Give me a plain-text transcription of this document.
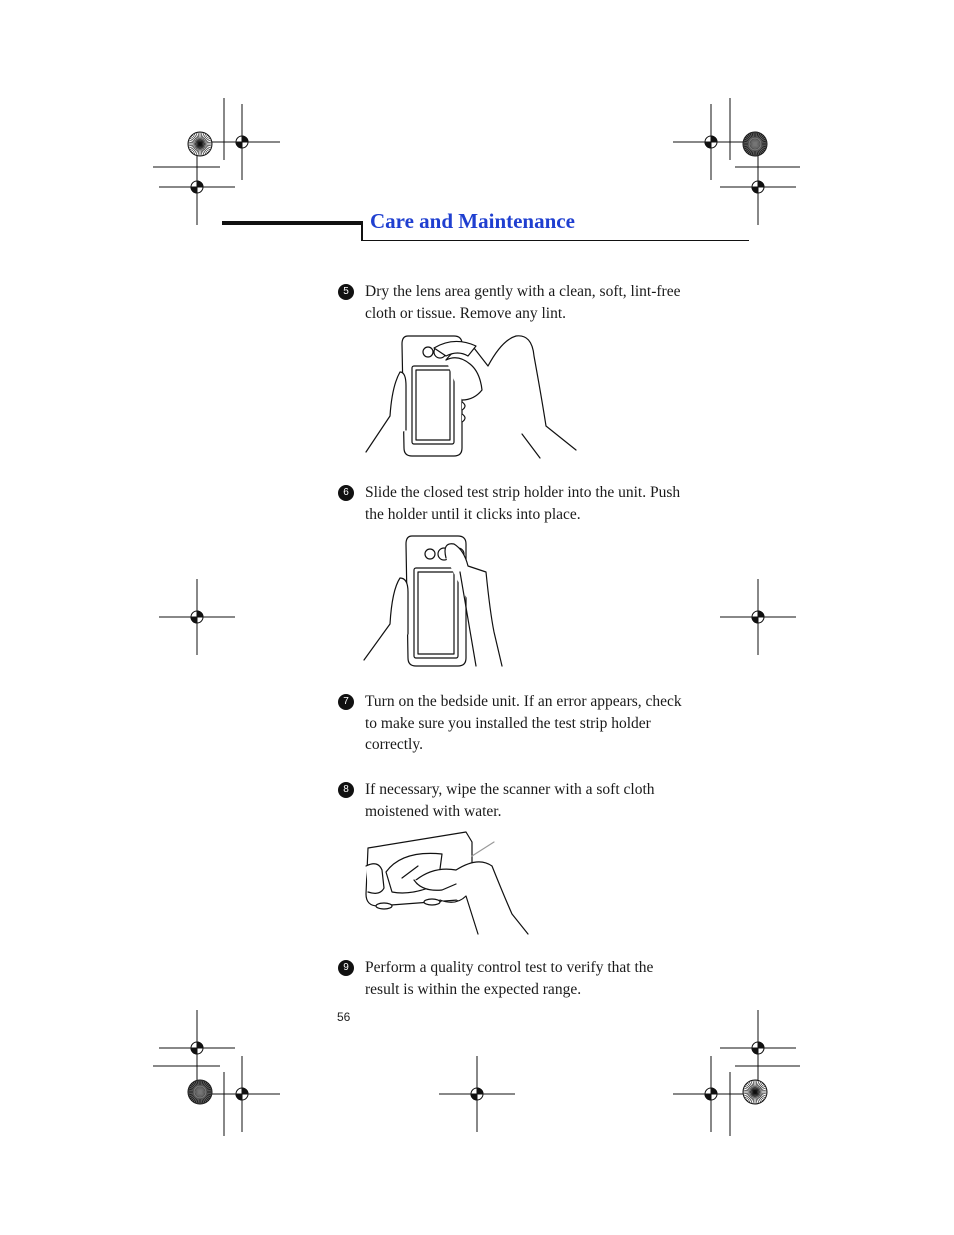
Care and Maintenance
5	Dry the lens area gently with a clean, soft, lint-free cloth or tissue. Remove any lint.
6	Slide the closed test strip holder into the unit. Push the holder until it clicks into place.
7	Turn on the bedside unit. If an error appears, check to make sure you installed the test strip holder correctly.
8	If necessary, wipe the scanner with a soft cloth moistened with water.
9	Perform a quality control test to verify that the result is within the expected range.
56
